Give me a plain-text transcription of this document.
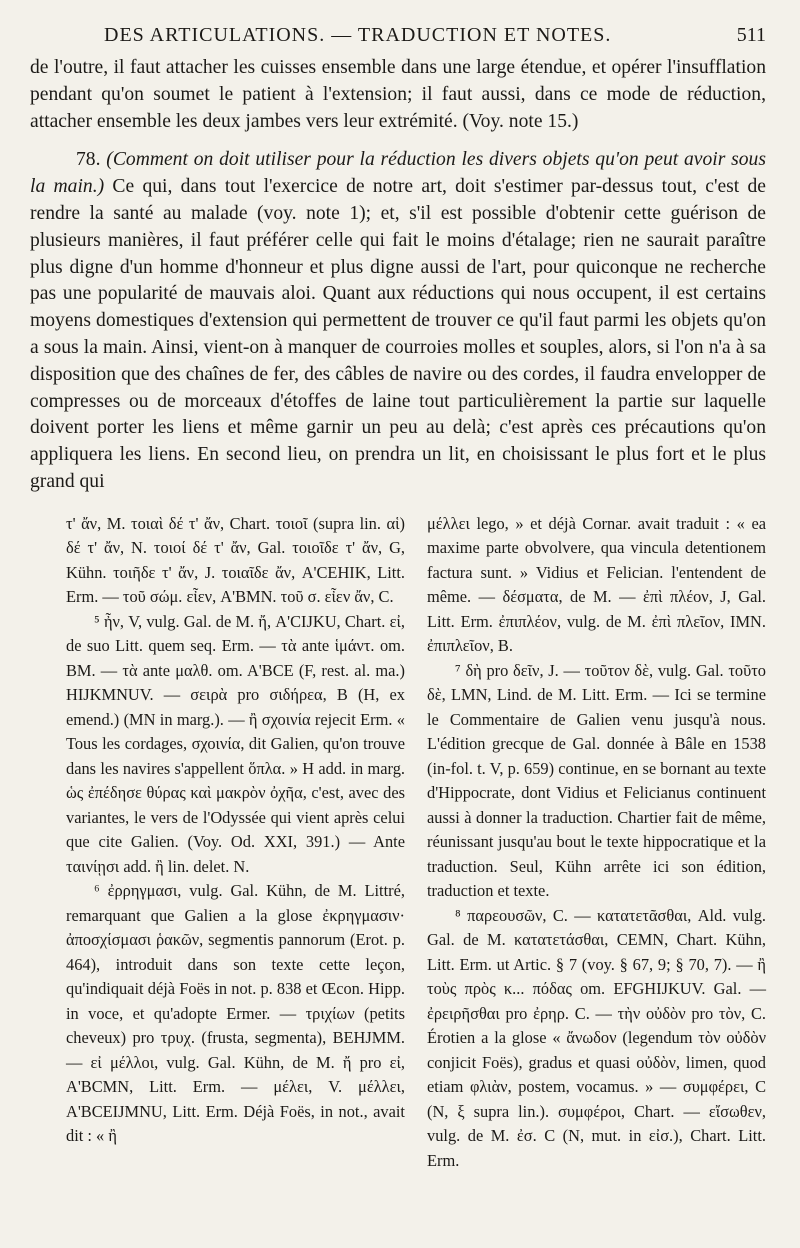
DES ARTICULATIONS. — TRADUCTION ET NOTES.	511

de l'outre, il faut attacher les cuisses ensemble dans une large étendue, et opérer l'insufflation pendant qu'on soumet le patient à l'extension; il faut aussi, dans ce mode de réduction, attacher ensemble les deux jambes vers leur extrémité. (Voy. note 15.)

78. (Comment on doit utiliser pour la réduction les divers objets qu'on peut avoir sous la main.) Ce qui, dans tout l'exercice de notre art, doit s'estimer par-dessus tout, c'est de rendre la santé au malade (voy. note 1); et, s'il est possible d'obtenir cette guérison de plusieurs manières, il faut préférer celle qui fait le moins d'étalage; rien ne saurait paraître plus digne d'un homme d'honneur et plus digne aussi de l'art, pour quiconque ne recherche pas une popularité de mauvais aloi. Quant aux réductions qui nous occupent, il est certains moyens domestiques d'extension qui permettent de trouver ce qu'il faut parmi les objets qu'on a sous la main. Ainsi, vient-on à manquer de courroies molles et souples, alors, si l'on n'a à sa disposition que des chaînes de fer, des câbles de navire ou des cordes, il faudra envelopper de compresses ou de morceaux d'étoffes de laine tout particulièrement la partie sur laquelle doivent porter les liens et même garnir un peu au delà; c'est après ces précautions qu'on appliquera les liens. En second lieu, on prendra un lit, en choisissant le plus fort et le plus grand qui

τ' ἄν, M. τοιαὶ δέ τ' ἄν, Chart. τοιοῖ (supra lin. αἱ) δέ τ' ἄν, N. τοιοί δέ τ' ἄν, Gal. τοιοῖδε τ' ἄν, G, Kühn. τοιῆδε τ' ἄν, J. τοιαῖδε ἄν, A'CEHIK, Litt. Erm. — τοῦ σώμ. εἶεν, A'BMN. τοῦ σ. εἶεν ἄν, C.

⁵ ἦν, V, vulg. Gal. de M. ἤ, A'CIJKU, Chart. εἰ, de suo Litt. quem seq. Erm. — τὰ ante ἱμάντ. om. BM. — τὰ ante μαλθ. om. A'BCE (F, rest. al. ma.) HIJKMNUV. — σειρὰ pro σιδήρεα, B (H, ex emend.) (MN in marg.). — ἢ σχοινία rejecit Erm. « Tous les cordages, σχοινία, dit Galien, qu'on trouve dans les navires s'appellent ὅπλα. » H add. in marg. ὡς ἐπέδησε θύρας καὶ μακρὸν ὀχῆα, c'est, avec des variantes, le vers de l'Odyssée qui vient après celui que cite Galien. (Voy. Od. XXI, 391.) — Ante ταινίῃσι add. ἢ lin. delet. N.

⁶ ἐρρηγμασι, vulg. Gal. Kühn, de M. Littré, remarquant que Galien a la glose ἐκρηγμασιν· ἀποσχίσμασι ῥακῶν, segmentis pannorum (Erot. p. 464), introduit dans son texte cette leçon, qu'indiquait déjà Foës in not. p. 838 et Œcon. Hipp. in voce, et qu'adopte Ermer. — τριχίων (petits cheveux) pro τρυχ. (frusta, segmenta), BEHJMM. — εἰ μέλλοι, vulg. Gal. Kühn, de M. ἤ pro εἰ, A'BCMN, Litt. Erm. — μέλει, V. μέλλει, A'BCEIJMNU, Litt. Erm. Déjà Foës, in not., avait dit : « ἢ

μέλλει lego, » et déjà Cornar. avait traduit : « ea maxime parte obvolvere, qua vincula detentionem factura sunt. » Vidius et Felician. l'entendent de même. — δέσματα, de M. — ἐπὶ πλέον, J, Gal. Litt. Erm. ἐπιπλέον, vulg. de M. ἐπὶ πλεῖον, IMN. ἐπιπλεῖον, B.

⁷ δὴ pro δεῖν, J. — τοῦτον δὲ, vulg. Gal. τοῦτο δὲ, LMN, Lind. de M. Litt. Erm. — Ici se termine le Commentaire de Galien venu jusqu'à nous. L'édition grecque de Gal. donnée à Bâle en 1538 (in-fol. t. V, p. 659) continue, en se bornant au texte d'Hippocrate, dont Vidius et Felicianus continuent aussi à donner la traduction. Chartier fait de même, réunissant jusqu'au bout le texte hippocratique et la traduction. Seul, Kühn arrête ici son édition, traduction et texte.

⁸ παρεουσῶν, C. — κατατετᾶσθαι, Ald. vulg. Gal. de M. κατατετάσθαι, CEMN, Chart. Kühn, Litt. Erm. ut Artic. § 7 (voy. § 67, 9; § 70, 7). — ἢ τοὺς πρὸς κ... πόδας om. EFGHIJKUV. Gal. — ἐρειρῆσθαι pro ἐρηρ. C. — τὴν οὐδὸν pro τὸν, C. Érotien a la glose « ἄνωδον (legendum τὸν οὐδὸν conjicit Foës), gradus et quasi οὐδὸν, limen, quod etiam φλιὰν, postem, vocamus. » — συμφέρει, C (N, ξ supra lin.). συμφέροι, Chart. — εἴσωθεν, vulg. de M. ἐσ. C (N, mut. in εἰσ.), Chart. Litt. Erm.
